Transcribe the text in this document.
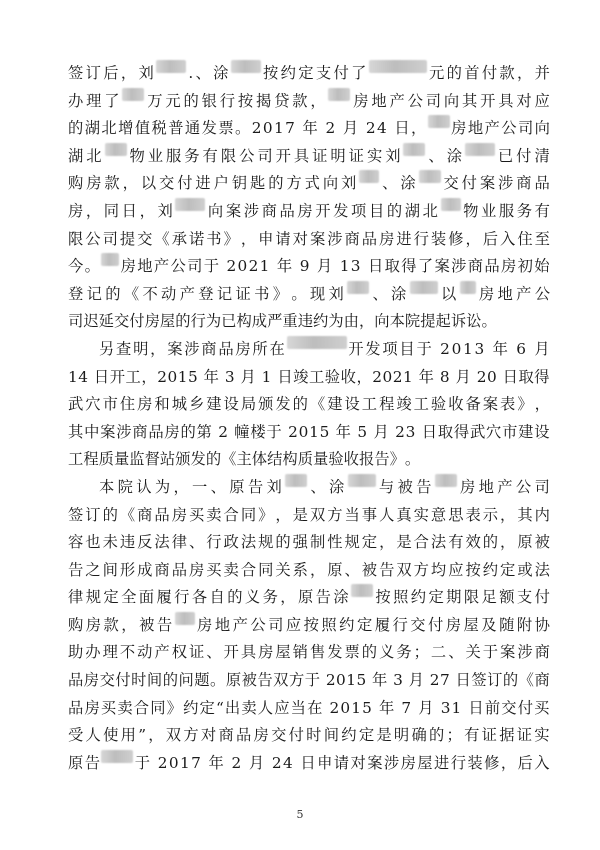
签 订 后 ， 刘 . 、 涂 按 约 定 支 付 了	元 的 首 付 款 ， 并
办 理 了 万 元 的 银 行 按 揭 贷 款 ， 房 地 产 公 司 向 其 开 具 对 应
的 湖 北 增 值 税 普 通 发 票 。 2 0 1 7
年
2
月
2 4
日 ， 房 地 产 公 司 向
湖 北 物 业 服 务 有 限 公 司 开 具 证 明 证 实 刘 、 涂 已 付 清
购 房 款 ， 以 交 付 进 户 钥 匙 的 方 式 向 刘 、 涂 交 付 案 涉 商 品
房 ， 同 日 ， 刘 向 案 涉 商 品 房 开 发 项 目 的 湖 北 物 业 服 务 有
限 公 司 提 交 《 承 诺 书 》 ， 申 请 对 案 涉 商 品 房 进 行 装 修 ， 后 入 住 至
今 。 房 地 产 公 司 于
2 0 2 1
年
9
月
1 3
日 取 得 了 案 涉 商 品 房 初 始
登 记 的 《 不 动 产 登 记 证 书 》 。 现 刘 、 涂 以 房 地 产 公
司 迟 延 交 付 房 屋 的 行 为 已 构 成 严 重 违 约 为 由 ， 向 本 院 提 起 诉 讼 。
另 查 明 ， 案 涉 商 品 房 所 在	开 发 项 目 于
2 0 1 3
年
6
月
1 4
日 开 工 ， 2 0 1 5
年
3
月
1
日 竣 工 验 收 ， 2 0 2 1
年
8
月
2 0
日 取 得
武 穴 市 住 房 和 城 乡 建 设 局 颁 发 的 《 建 设 工 程 竣 工 验 收 备 案 表 》 ，
其 中 案 涉 商 品 房 的 第
2
幢 楼 于
2 0 1 5
年
5
月
2 3
日 取 得 武 穴 市 建 设
工 程 质 量 监 督 站 颁 发 的 《 主 体 结 构 质 量 验 收 报 告 》 。
本 院 认 为 ， 一 、 原 告 刘 、 涂 与 被 告 房 地 产 公 司
签 订 的 《 商 品 房 买 卖 合 同 》 ， 是 双 方 当 事 人 真 实 意 思 表 示 ， 其 内
容 也 未 违 反 法 律 、 行 政 法 规 的 强 制 性 规 定 ， 是 合 法 有 效 的 ， 原 被
告 之 间 形 成 商 品 房 买 卖 合 同 关 系 ， 原 、 被 告 双 方 均 应 按 约 定 或 法
律 规 定 全 面 履 行 各 自 的 义 务 ， 原 告 涂 按 照 约 定 期 限 足 额 支 付
购 房 款 ， 被 告 房 地 产 公 司 应 按 照 约 定 履 行 交 付 房 屋 及 随 附 协
助 办 理 不 动 产 权 证 、 开 具 房 屋 销 售 发 票 的 义 务 ； 二 、 关 于 案 涉 商
品 房 交 付 时 间 的 问 题 。 原 被 告 双 方 于
2 0 1 5
年
3
月
2 7
日 签 订 的 《 商
品 房 买 卖 合 同 》 约 定 “ 出 卖 人 应 当 在
2 0 1 5
年
7
月
3 1
日 前 交 付 买
受 人 使 用 ” ， 双 方 对 商 品 房 交 付 时 间 约 定 是 明 确 的 ； 有 证 据 证 实
原 告 于
2 0 1 7
年
2
月
2 4
日 申 请 对 案 涉 房 屋 进 行 装 修 ， 后 入
5
